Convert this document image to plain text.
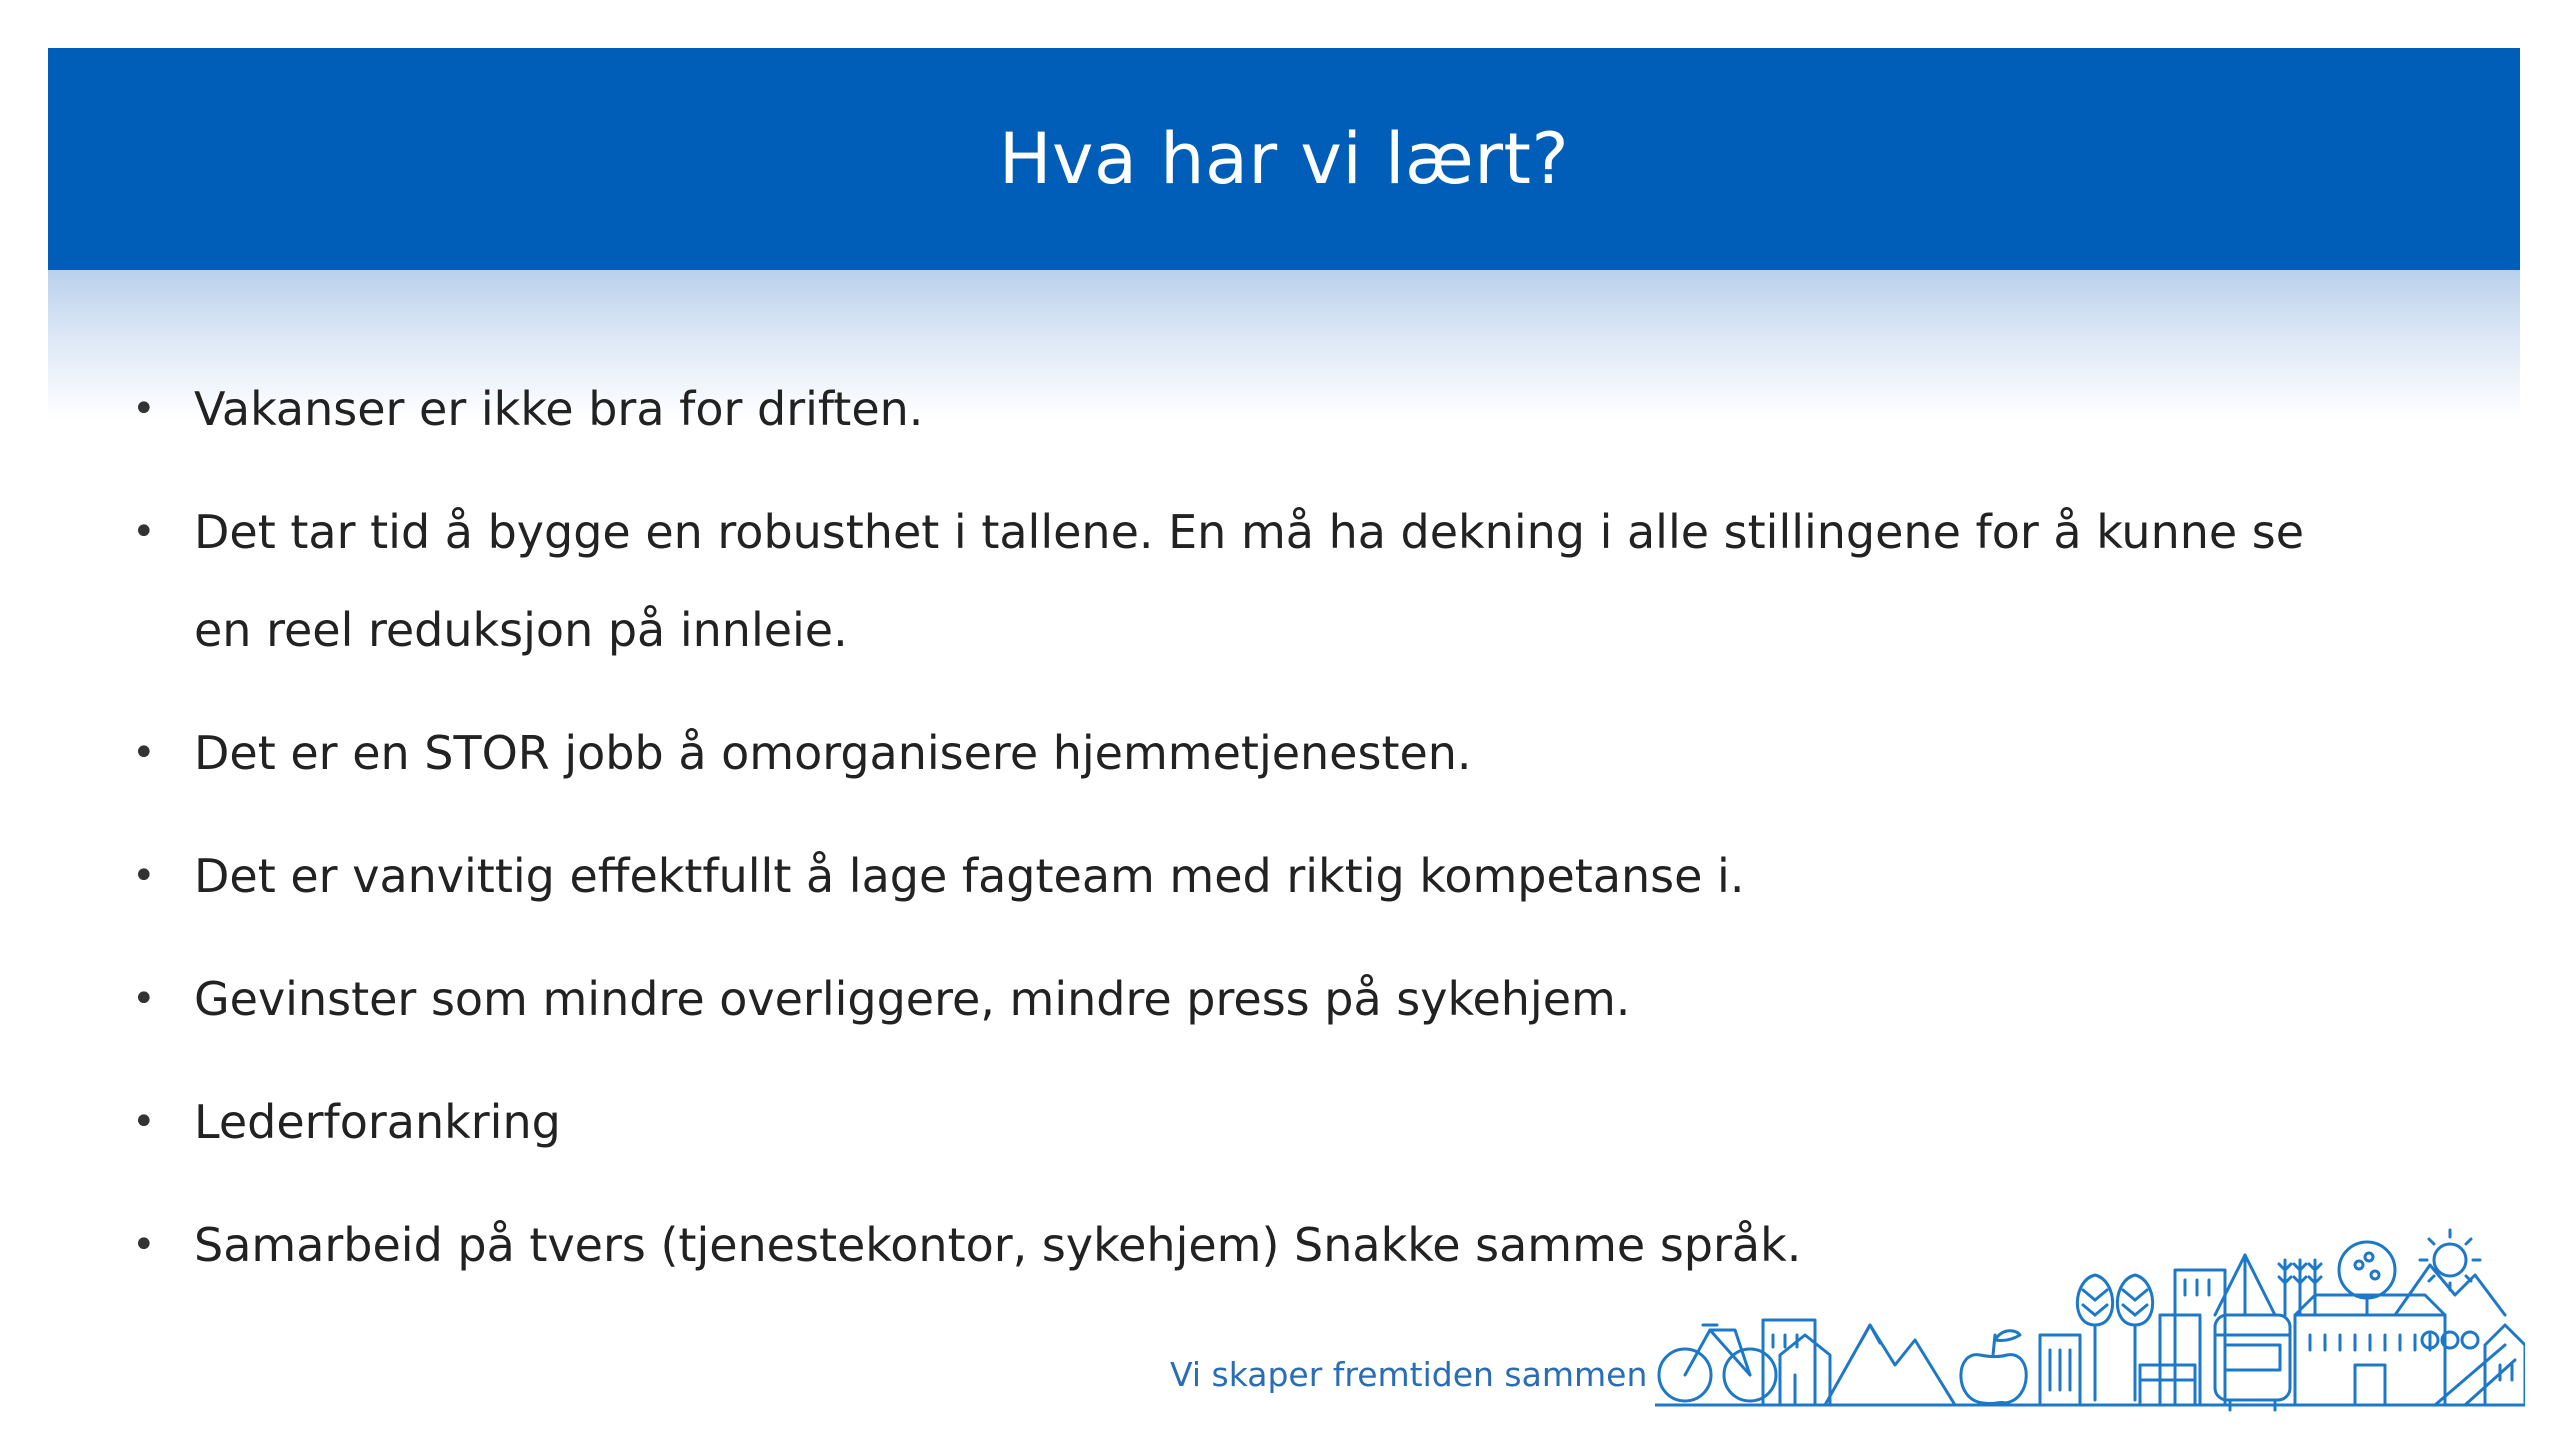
Hva har vi lært?
• Vakanser er ikke bra for driften.
• Det tar tid å bygge en robusthet i tallene. En må ha dekning i alle stillingene for å kunne se en reel reduksjon på innleie.
• Det er en STOR jobb å omorganisere hjemmetjenesten.
• Det er vanvittig effektfullt å lage fagteam med riktig kompetanse i.
• Gevinster som mindre overliggere, mindre press på sykehjem.
• Lederforankring
• Samarbeid på tvers (tjenestekontor, sykehjem) Snakke samme språk.
Vi skaper fremtiden sammen
